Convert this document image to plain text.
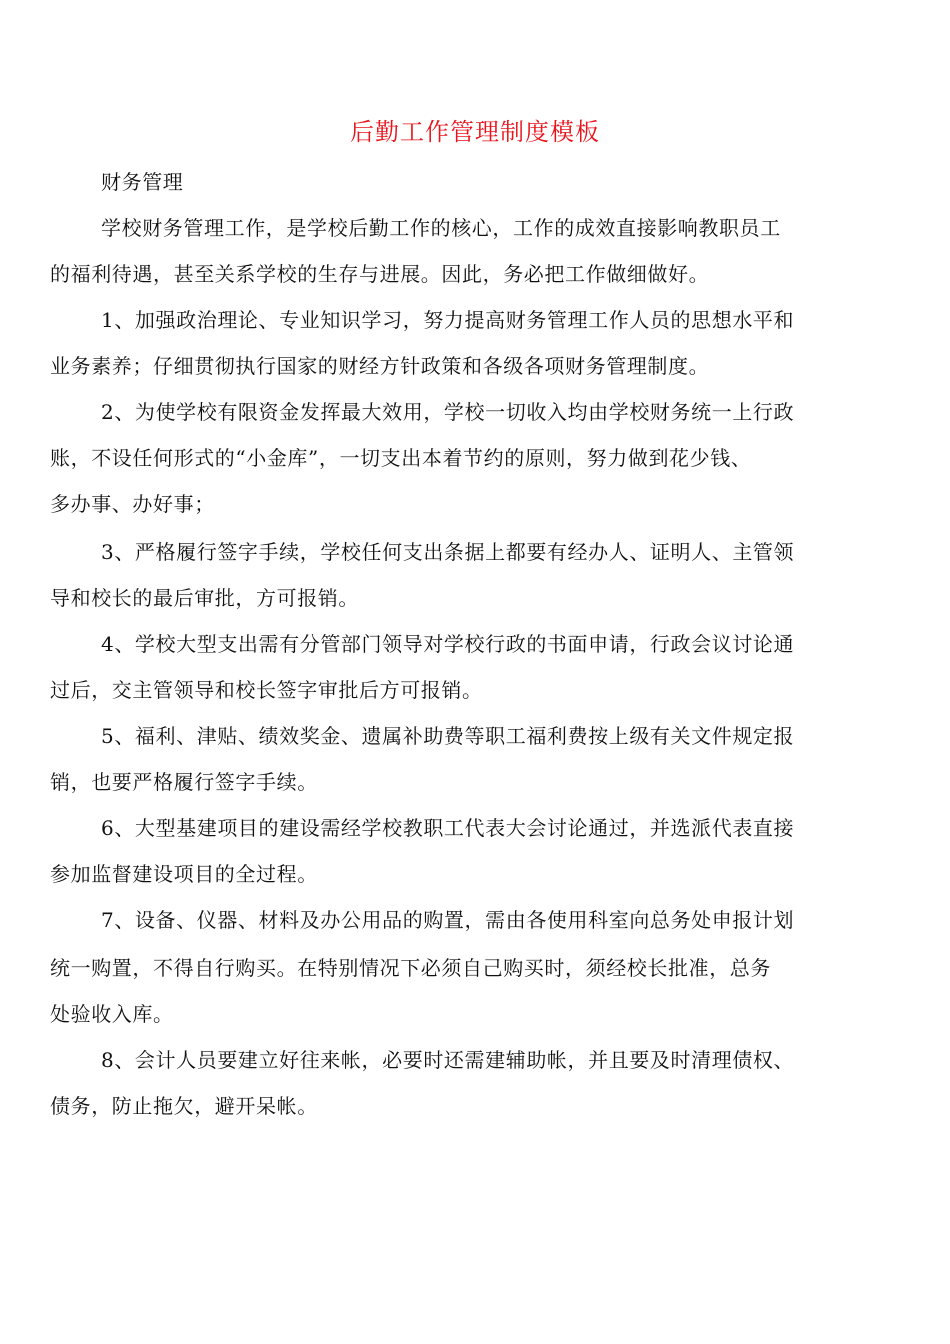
后勤工作管理制度模板
财务管理
学校财务管理工作，是学校后勤工作的核心，工作的成效直接影响教职员工
的福利待遇，甚至关系学校的生存与进展。因此，务必把工作做细做好。
1、加强政治理论、专业知识学习，努力提高财务管理工作人员的思想水平和
业务素养；仔细贯彻执行国家的财经方针政策和各级各项财务管理制度。
2、为使学校有限资金发挥最大效用，学校一切收入均由学校财务统一上行政
账，不设任何形式的“小金库”，一切支出本着节约的原则，努力做到花少钱、
多办事、办好事；
3、严格履行签字手续，学校任何支出条据上都要有经办人、证明人、主管领
导和校长的最后审批，方可报销。
4、学校大型支出需有分管部门领导对学校行政的书面申请，行政会议讨论通
过后，交主管领导和校长签字审批后方可报销。
5、福利、津贴、绩效奖金、遗属补助费等职工福利费按上级有关文件规定报
销，也要严格履行签字手续。
6、大型基建项目的建设需经学校教职工代表大会讨论通过，并选派代表直接
参加监督建设项目的全过程。
7、设备、仪器、材料及办公用品的购置，需由各使用科室向总务处申报计划
统一购置，不得自行购买。在特别情况下必须自己购买时，须经校长批准，总务
处验收入库。
8、会计人员要建立好往来帐，必要时还需建辅助帐，并且要及时清理债权、
债务，防止拖欠，避开呆帐。
